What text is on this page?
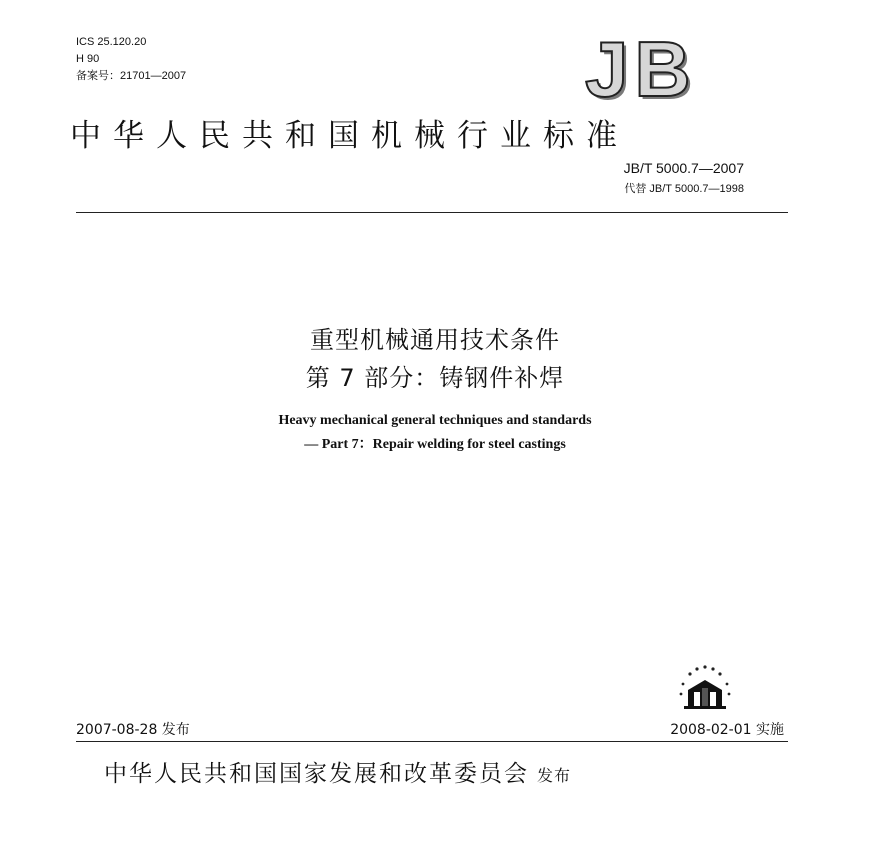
ICS 25.120.20
H 90
备案号：21701—2007	JB
中华人民共和国机械行业标准
JB/T 5000.7—2007
代替 JB/T 5000.7—1998
重型机械通用技术条件
第 7 部分：铸钢件补焊
Heavy mechanical general techniques and standards
— Part 7：Repair welding for steel castings
2007-08-28 发布	2008-02-01 实施
中华人民共和国国家发展和改革委员会 发布
